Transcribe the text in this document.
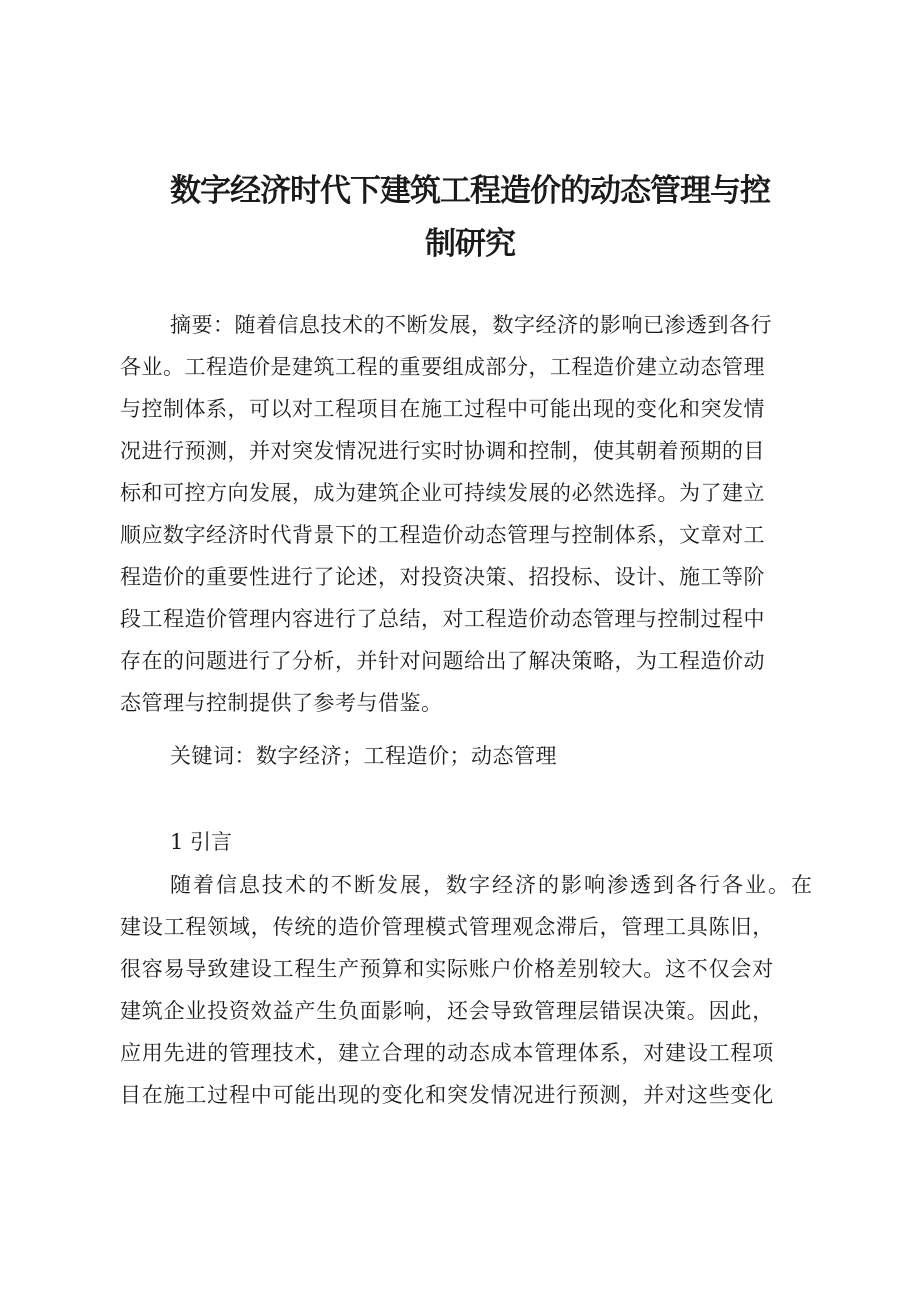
数字经济时代下建筑工程造价的动态管理与控
制研究

摘要：随着信息技术的不断发展，数字经济的影响已渗透到各行

各业。工程造价是建筑工程的重要组成部分，工程造价建立动态管理

与控制体系，可以对工程项目在施工过程中可能出现的变化和突发情

况进行预测，并对突发情况进行实时协调和控制，使其朝着预期的目

标和可控方向发展，成为建筑企业可持续发展的必然选择。为了建立

顺应数字经济时代背景下的工程造价动态管理与控制体系，文章对工

程造价的重要性进行了论述，对投资决策、招投标、设计、施工等阶

段工程造价管理内容进行了总结，对工程造价动态管理与控制过程中

存在的问题进行了分析，并针对问题给出了解决策略，为工程造价动

态管理与控制提供了参考与借鉴。

关键词：数字经济；工程造价；动态管理

1 引言

随着信息技术的不断发展，数字经济的影响渗透到各行各业。在

建设工程领域，传统的造价管理模式管理观念滞后，管理工具陈旧，

很容易导致建设工程生产预算和实际账户价格差别较大。这不仅会对

建筑企业投资效益产生负面影响，还会导致管理层错误决策。因此，

应用先进的管理技术，建立合理的动态成本管理体系，对建设工程项

目在施工过程中可能出现的变化和突发情况进行预测，并对这些变化
